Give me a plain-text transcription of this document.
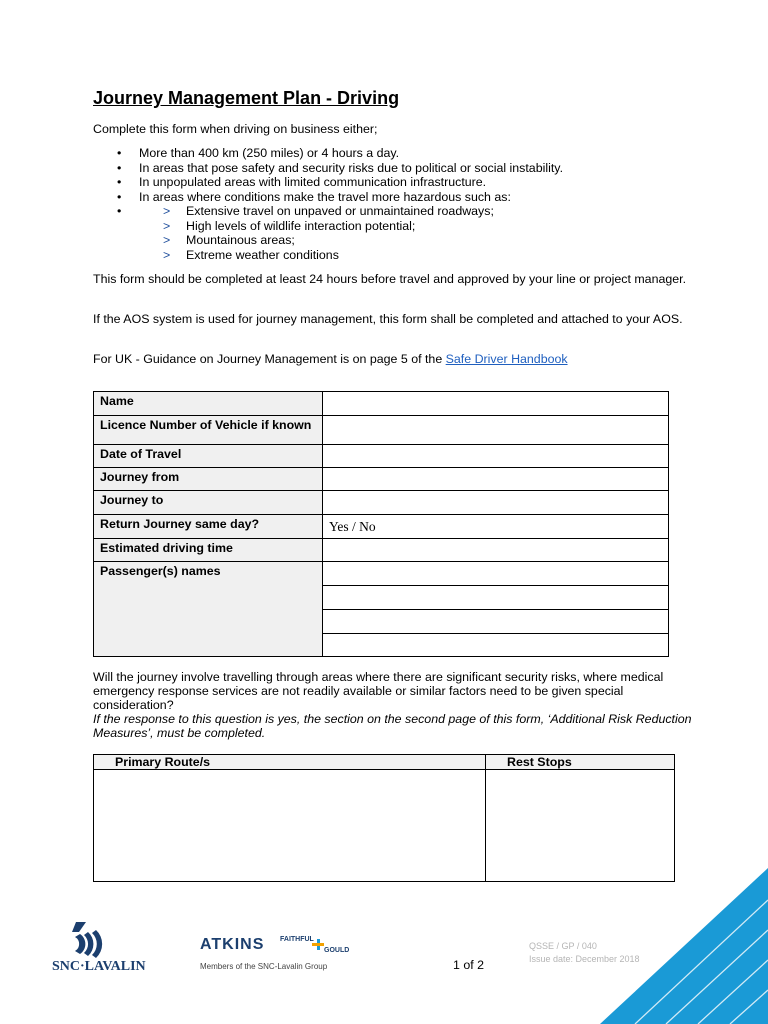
Journey Management Plan - Driving
Complete this form when driving on business either;
• More than 400 km (250 miles) or 4 hours a day.
• In areas that pose safety and security risks due to political or social instability.
• In unpopulated areas with limited communication infrastructure.
• In areas where conditions make the travel more hazardous such as:
> • Extensive travel on unpaved or unmaintained roadways;
> High levels of wildlife interaction potential;
> Mountainous areas;
> Extreme weather conditions
This form should be completed at least 24 hours before travel and approved by your line or project manager.
If the AOS system is used for journey management, this form shall be completed and attached to your AOS.
For UK - Guidance on Journey Management is on page 5 of the Safe Driver Handbook
Name	
Licence Number of Vehicle if known	
Date of Travel	
Journey from	
Journey to	
Return Journey same day?	Yes / No
Estimated driving time	
Passenger(s) names	

Will the journey involve travelling through areas where there are significant security risks, where medical emergency response services are not readily available or similar factors need to be given special consideration?
If the response to this question is yes, the section on the second page of this form, ‘Additional Risk Reduction Measures’, must be completed.
Primary Route/s	Rest Stops

SNC·LAVALIN
ATKINS FAITHFUL
GOULD
Members of the SNC-Lavalin Group	1 of 2
QSSE / GP / 040
Issue date: December 2018
